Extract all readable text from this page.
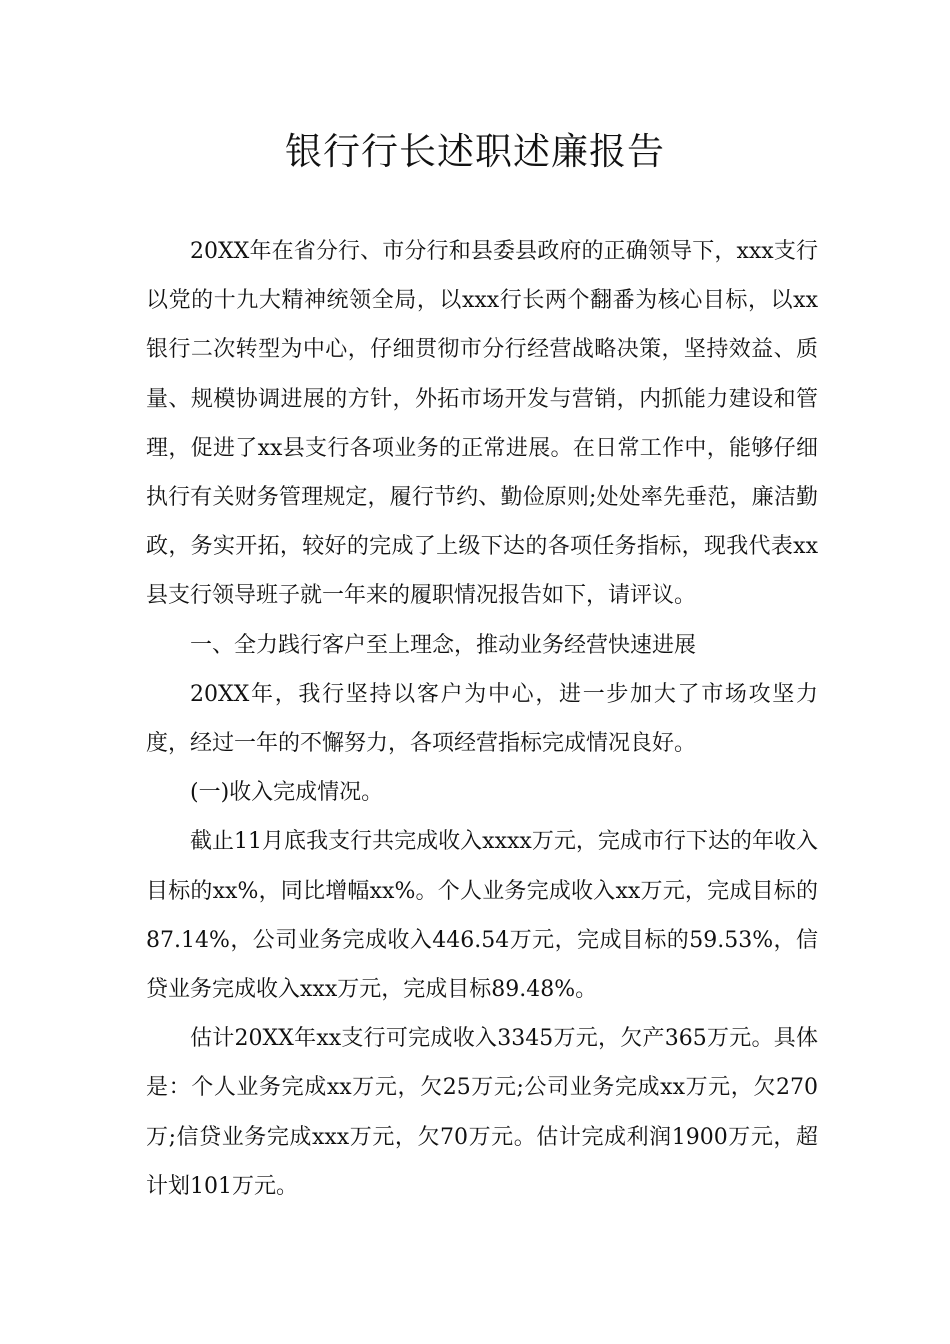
银行行长述职述廉报告

20XX年在省分行、市分行和县委县政府的正确领导下，xxx支行以党的十九大精神统领全局，以xxx行长两个翻番为核心目标，以xx银行二次转型为中心，仔细贯彻市分行经营战略决策，坚持效益、质量、规模协调进展的方针，外拓市场开发与营销，内抓能力建设和管理，促进了xx县支行各项业务的正常进展。在日常工作中，能够仔细执行有关财务管理规定，履行节约、勤俭原则;处处率先垂范，廉洁勤政，务实开拓，较好的完成了上级下达的各项任务指标，现我代表xx县支行领导班子就一年来的履职情况报告如下，请评议。

一、全力践行客户至上理念，推动业务经营快速进展

20XX年，我行坚持以客户为中心，进一步加大了市场攻坚力度，经过一年的不懈努力，各项经营指标完成情况良好。

(一)收入完成情况。

截止11月底我支行共完成收入xxxx万元，完成市行下达的年收入目标的xx%，同比增幅xx%。个人业务完成收入xx万元，完成目标的87.14%，公司业务完成收入446.54万元，完成目标的59.53%，信贷业务完成收入xxx万元，完成目标89.48%。

估计20XX年xx支行可完成收入3345万元，欠产365万元。具体是：个人业务完成xx万元，欠25万元;公司业务完成xx万元，欠270万;信贷业务完成xxx万元，欠70万元。估计完成利润1900万元，超计划101万元。
